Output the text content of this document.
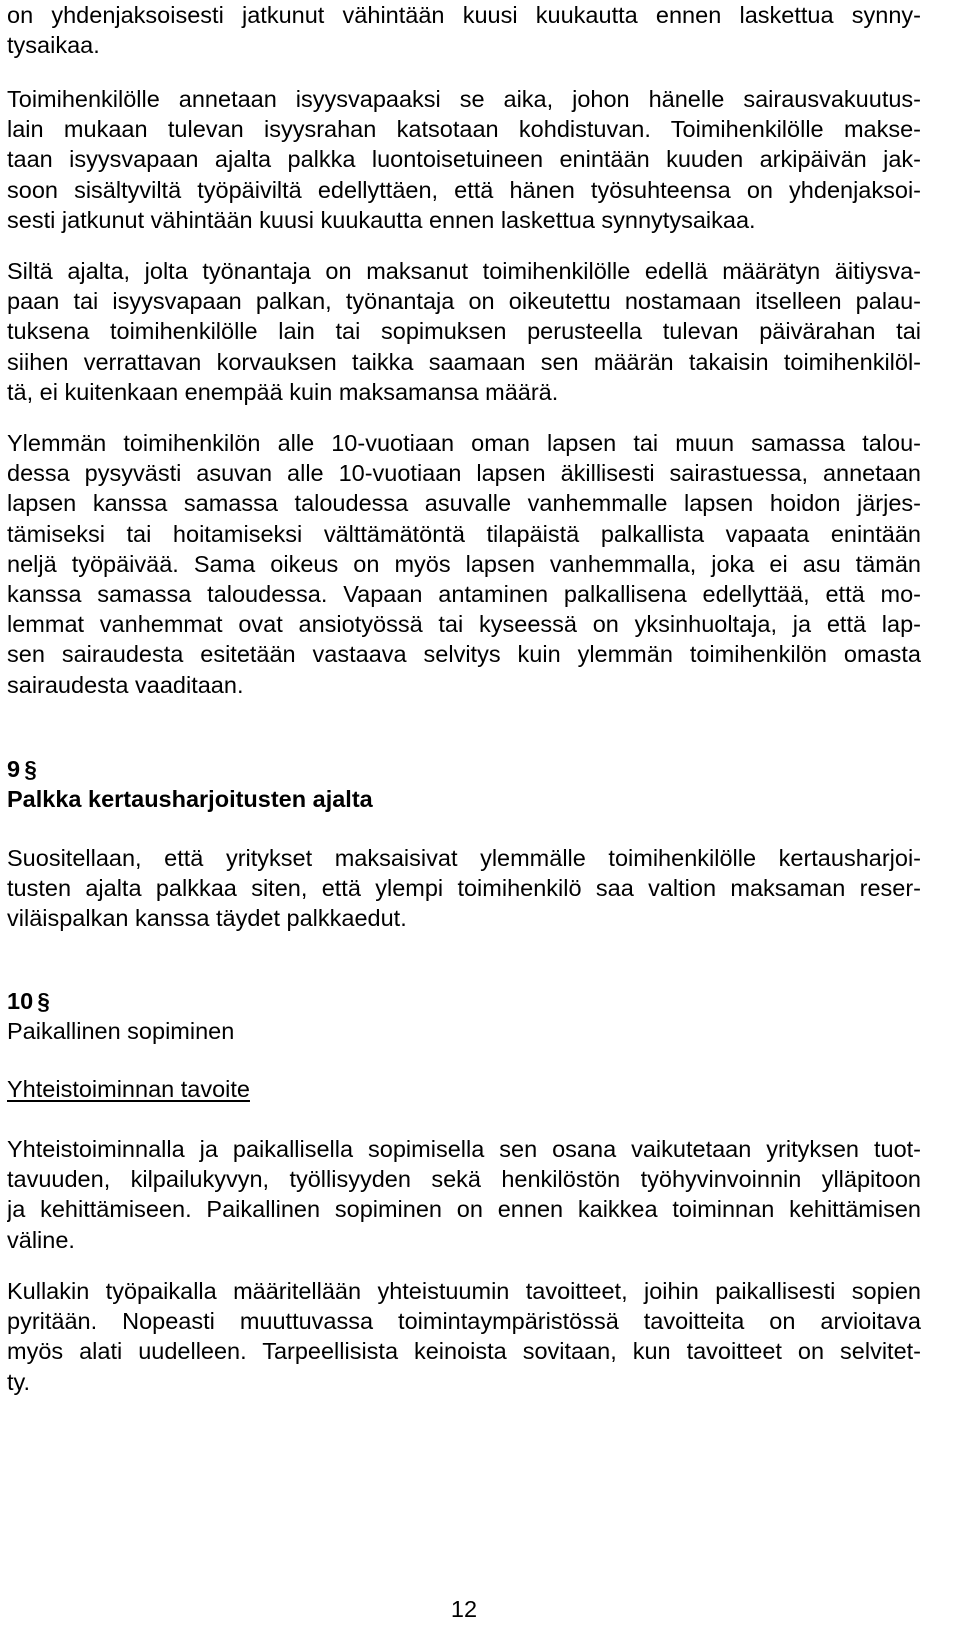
on yhdenjaksoisesti jatkunut vähintään kuusi kuukautta ennen laskettua synny-
tysaikaa.
Toimihenkilölle annetaan isyysvapaaksi se aika, johon hänelle sairausvakuutus-
lain mukaan tulevan isyysrahan katsotaan kohdistuvan. Toimihenkilölle makse-
taan isyysvapaan ajalta palkka luontoisetuineen enintään kuuden arkipäivän jak-
soon sisältyviltä työpäiviltä edellyttäen, että hänen työsuhteensa on yhdenjaksoi-
sesti jatkunut vähintään kuusi kuukautta ennen laskettua synnytysaikaa.
Siltä ajalta, jolta työnantaja on maksanut toimihenkilölle edellä määrätyn äitiysva-
paan tai isyysvapaan palkan, työnantaja on oikeutettu nostamaan itselleen palau-
tuksena toimihenkilölle lain tai sopimuksen perusteella tulevan päivärahan tai
siihen verrattavan korvauksen taikka saamaan sen määrän takaisin toimihenkilöl-
tä, ei kuitenkaan enempää kuin maksamansa määrä.
Ylemmän toimihenkilön alle 10-vuotiaan oman lapsen tai muun samassa talou-
dessa pysyvästi asuvan alle 10-vuotiaan lapsen äkillisesti sairastuessa, annetaan
lapsen kanssa samassa taloudessa asuvalle vanhemmalle lapsen hoidon järjes-
tämiseksi tai hoitamiseksi välttämätöntä tilapäistä palkallista vapaata enintään
neljä työpäivää. Sama oikeus on myös lapsen vanhemmalla, joka ei asu tämän
kanssa samassa taloudessa. Vapaan antaminen palkallisena edellyttää, että mo-
lemmat vanhemmat ovat ansiotyössä tai kyseessä on yksinhuoltaja, ja että lap-
sen sairaudesta esitetään vastaava selvitys kuin ylemmän toimihenkilön omasta
sairaudesta vaaditaan.
9 §
Palkka kertausharjoitusten ajalta
Suositellaan, että yritykset maksaisivat ylemmälle toimihenkilölle kertausharjoi-
tusten ajalta palkkaa siten, että ylempi toimihenkilö saa valtion maksaman reser-
viläispalkan kanssa täydet palkkaedut.
10 §
Paikallinen sopiminen
Yhteistoiminnan tavoite
Yhteistoiminnalla ja paikallisella sopimisella sen osana vaikutetaan yrityksen tuot-
tavuuden, kilpailukyvyn, työllisyyden sekä henkilöstön työhyvinvoinnin ylläpitoon
ja kehittämiseen. Paikallinen sopiminen on ennen kaikkea toiminnan kehittämisen
väline.
Kullakin työpaikalla määritellään yhteistuumin tavoitteet, joihin paikallisesti sopien
pyritään. Nopeasti muuttuvassa toimintaympäristössä tavoitteita on arvioitava
myös alati uudelleen. Tarpeellisista keinoista sovitaan, kun tavoitteet on selvitet-
ty.
12
